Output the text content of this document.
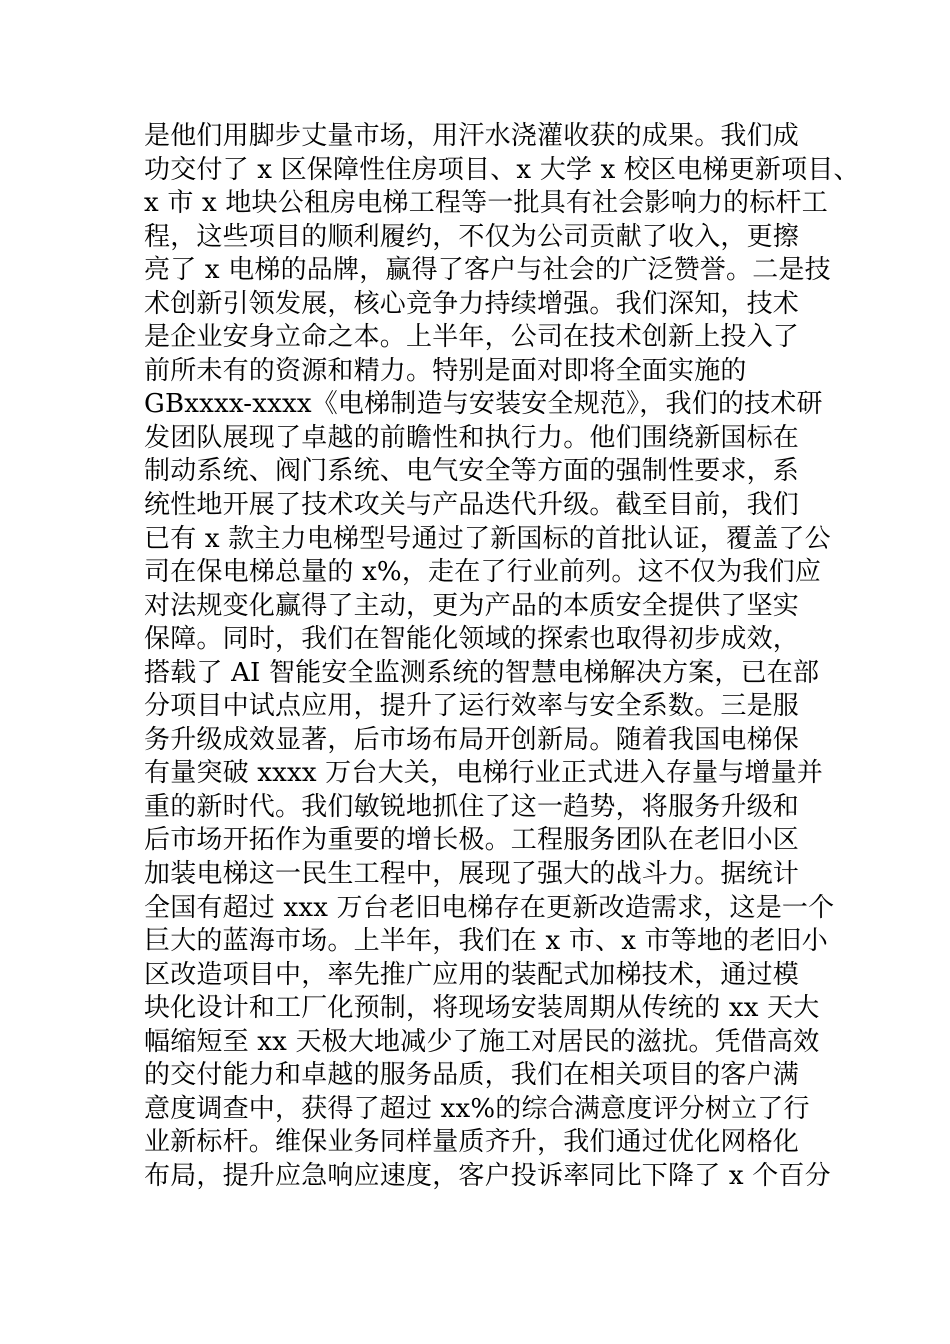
是他们用脚步丈量市场，用汗水浇灌收获的成果。我们成
功交付了 x 区保障性住房项目、x 大学 x 校区电梯更新项目、
x 市 x 地块公租房电梯工程等一批具有社会影响力的标杆工
程，这些项目的顺利履约，不仅为公司贡献了收入，更擦
亮了 x 电梯的品牌，赢得了客户与社会的广泛赞誉。二是技
术创新引领发展，核心竞争力持续增强。我们深知，技术
是企业安身立命之本。上半年，公司在技术创新上投入了
前所未有的资源和精力。特别是面对即将全面实施的
GBxxxx-xxxx《电梯制造与安装安全规范》，我们的技术研
发团队展现了卓越的前瞻性和执行力。他们围绕新国标在
制动系统、阀门系统、电气安全等方面的强制性要求，系
统性地开展了技术攻关与产品迭代升级。截至目前，我们
已有 x 款主力电梯型号通过了新国标的首批认证，覆盖了公
司在保电梯总量的 x%，走在了行业前列。这不仅为我们应
对法规变化赢得了主动，更为产品的本质安全提供了坚实
保障。同时，我们在智能化领域的探索也取得初步成效，
搭载了 AI 智能安全监测系统的智慧电梯解决方案，已在部
分项目中试点应用，提升了运行效率与安全系数。三是服
务升级成效显著，后市场布局开创新局。随着我国电梯保
有量突破 xxxx 万台大关，电梯行业正式进入存量与增量并
重的新时代。我们敏锐地抓住了这一趋势，将服务升级和
后市场开拓作为重要的增长极。工程服务团队在老旧小区
加装电梯这一民生工程中，展现了强大的战斗力。据统计
全国有超过 xxx 万台老旧电梯存在更新改造需求，这是一个
巨大的蓝海市场。上半年，我们在 x 市、x 市等地的老旧小
区改造项目中，率先推广应用的装配式加梯技术，通过模
块化设计和工厂化预制，将现场安装周期从传统的 xx 天大
幅缩短至 xx 天极大地减少了施工对居民的滋扰。凭借高效
的交付能力和卓越的服务品质，我们在相关项目的客户满
意度调查中，获得了超过 xx%的综合满意度评分树立了行
业新标杆。维保业务同样量质齐升，我们通过优化网格化
布局，提升应急响应速度，客户投诉率同比下降了 x 个百分
